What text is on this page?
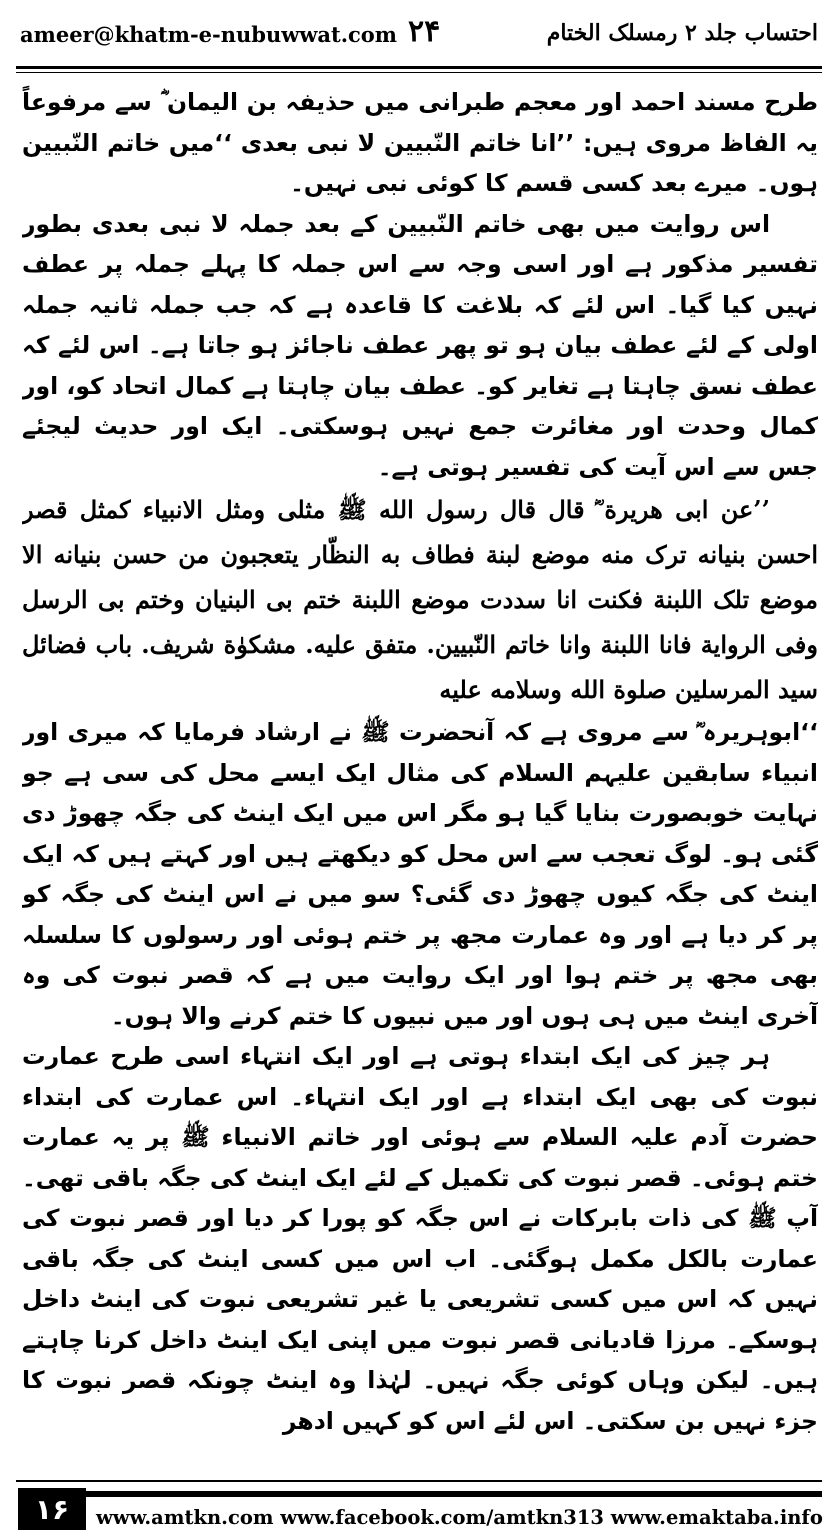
ameer@khatm-e-nubuwwat.com ۲۴	احتساب جلد ۲ رمسلک الختام

طرح مسند احمد اور معجم طبرانی میں حذیفہ بن الیمان ؓ سے مرفوعاً یہ الفاظ مروی ہیں: ’’انا خاتم النّبیین لا نبی بعدی ‘‘میں خاتم النّبیین ہوں۔ میرے بعد کسی قسم کا کوئی نبی نہیں۔

اس روایت میں بھی خاتم النّبیین کے بعد جملہ لا نبی بعدی بطور تفسیر مذکور ہے اور اسی وجہ سے اس جملہ کا پہلے جملہ پر عطف نہیں کیا گیا۔ اس لئے کہ بلاغت کا قاعدہ ہے کہ جب جملہ ثانیہ جملہ اولی کے لئے عطف بیان ہو تو پھر عطف ناجائز ہو جاتا ہے۔ اس لئے کہ عطف نسق چاہتا ہے تغایر کو۔ عطف بیان چاہتا ہے کمال اتحاد کو، اور کمال وحدت اور مغائرت جمع نہیں ہوسکتی۔ ایک اور حدیث لیجئے جس سے اس آیت کی تفسیر ہوتی ہے۔

’’عن ابی هریرة ؓ قال قال رسول الله ﷺ مثلی ومثل الانبیاء کمثل قصر احسن بنیانه ترک منه موضع لبنة فطاف به النظّار یتعجبون من حسن بنیانه الا موضع تلک اللبنة فکنت انا سددت موضع اللبنة ختم بی البنیان وختم بی الرسل وفی الروایة فانا اللبنة وانا خاتم النّبیین. متفق علیه. مشکوٰة شریف. باب فضائل سید المرسلین صلوة الله وسلامه علیه

‘‘ابوہریرہ ؓ سے مروی ہے کہ آنحضرت ﷺ نے ارشاد فرمایا کہ میری اور انبیاء سابقین علیہم السلام کی مثال ایک ایسے محل کی سی ہے جو نہایت خوبصورت بنایا گیا ہو مگر اس میں ایک اینٹ کی جگہ چھوڑ دی گئی ہو۔ لوگ تعجب سے اس محل کو دیکھتے ہیں اور کہتے ہیں کہ ایک اینٹ کی جگہ کیوں چھوڑ دی گئی؟ سو میں نے اس اینٹ کی جگہ کو پر کر دیا ہے اور وہ عمارت مجھ پر ختم ہوئی اور رسولوں کا سلسلہ بھی مجھ پر ختم ہوا اور ایک روایت میں ہے کہ قصر نبوت کی وہ آخری اینٹ میں ہی ہوں اور میں نبیوں کا ختم کرنے والا ہوں۔

ہر چیز کی ایک ابتداء ہوتی ہے اور ایک انتہاء اسی طرح عمارت نبوت کی بھی ایک ابتداء ہے اور ایک انتہاء۔ اس عمارت کی ابتداء حضرت آدم علیہ السلام سے ہوئی اور خاتم الانبیاء ﷺ پر یہ عمارت ختم ہوئی۔ قصر نبوت کی تکمیل کے لئے ایک اینٹ کی جگہ باقی تھی۔ آپ ﷺ کی ذات بابرکات نے اس جگہ کو پورا کر دیا اور قصر نبوت کی عمارت بالکل مکمل ہوگئی۔ اب اس میں کسی اینٹ کی جگہ باقی نہیں کہ اس میں کسی تشریعی یا غیر تشریعی نبوت کی اینٹ داخل ہوسکے۔ مرزا قادیانی قصر نبوت میں اپنی ایک اینٹ داخل کرنا چاہتے ہیں۔ لیکن وہاں کوئی جگہ نہیں۔ لہٰذا وہ اینٹ چونکہ قصر نبوت کا جزء نہیں بن سکتی۔ اس لئے اس کو کہیں ادھر

۱۶	www.amtkn.com www.facebook.com/amtkn313 www.emaktaba.info
